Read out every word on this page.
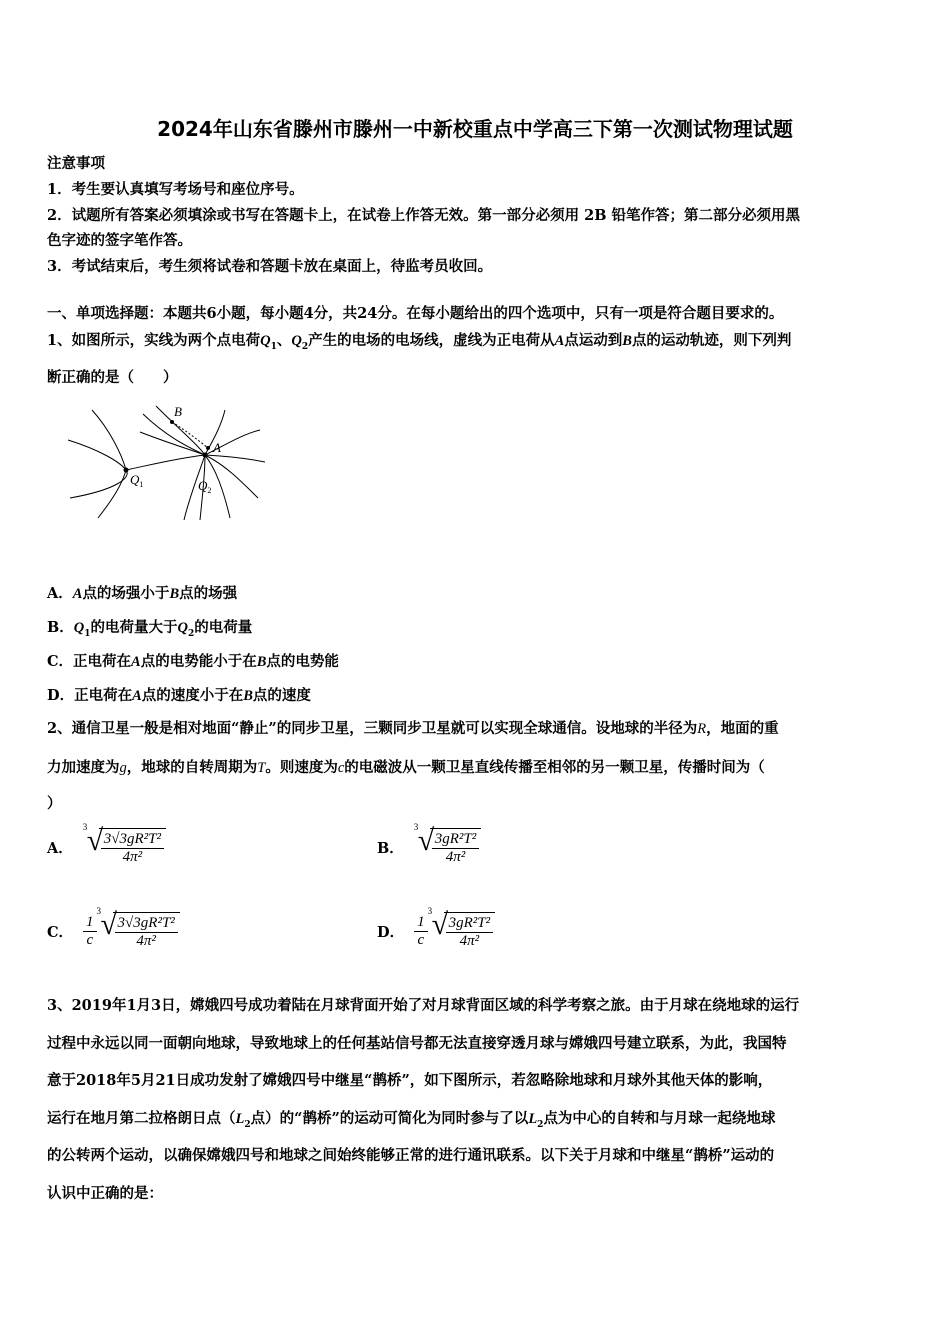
2024年山东省滕州市滕州一中新校重点中学高三下第一次测试物理试题
注意事项
1．考生要认真填写考场号和座位序号。
2．试题所有答案必须填涂或书写在答题卡上，在试卷上作答无效。第一部分必须用 2B 铅笔作答；第二部分必须用黑
色字迹的签字笔作答。
3．考试结束后，考生须将试卷和答题卡放在桌面上，待监考员收回。
一、单项选择题：本题共6小题，每小题4分，共24分。在每小题给出的四个选项中，只有一项是符合题目要求的。
1、如图所示，实线为两个点电荷$Q_1$、$Q_2$产生的电场的电场线，虚线为正电荷从A点运动到B点的运动轨迹，则下列判
断正确的是（　　）
B
A
$Q_1$	$Q_2$
A．A点的场强小于B点的场强
B．$Q_1$的电荷量大于$Q_2$的电荷量
C．正电荷在A点的电势能小于在B点的电势能
D．正电荷在A点的速度小于在B点的速度
2、通信卫星一般是相对地面“静止”的同步卫星，三颗同步卫星就可以实现全球通信。设地球的半径为R，地面的重
力加速度为g，地球的自转周期为T。则速度为c的电磁波从一颗卫星直线传播至相邻的另一颗卫星，传播时间为（
）
A．
3 √
$\frac{\text{3√3gR²T²}}{\text{4π²}}$	B．
3 √
$\frac{\text{3gR²T²}}{\text{4π²}}$
C． $\frac{1}{c}$
3 √
$\frac{\text{3√3gR²T²}}{\text{4π²}}$	D． $\frac{1}{c}$
3 √
$\frac{\text{3gR²T²}}{\text{4π²}}$
3、2019年1月3日，嫦娥四号成功着陆在月球背面开始了对月球背面区域的科学考察之旅。由于月球在绕地球的运行
过程中永远以同一面朝向地球，导致地球上的任何基站信号都无法直接穿透月球与嫦娥四号建立联系，为此，我国特
意于2018年5月21日成功发射了嫦娥四号中继星“鹊桥”，如下图所示，若忽略除地球和月球外其他天体的影响，
运行在地月第二拉格朗日点（$L_2$点）的“鹊桥”的运动可简化为同时参与了以$L_2$点为中心的自转和与月球一起绕地球
的公转两个运动，以确保嫦娥四号和地球之间始终能够正常的进行通讯联系。以下关于月球和中继星“鹊桥”运动的
认识中正确的是：
